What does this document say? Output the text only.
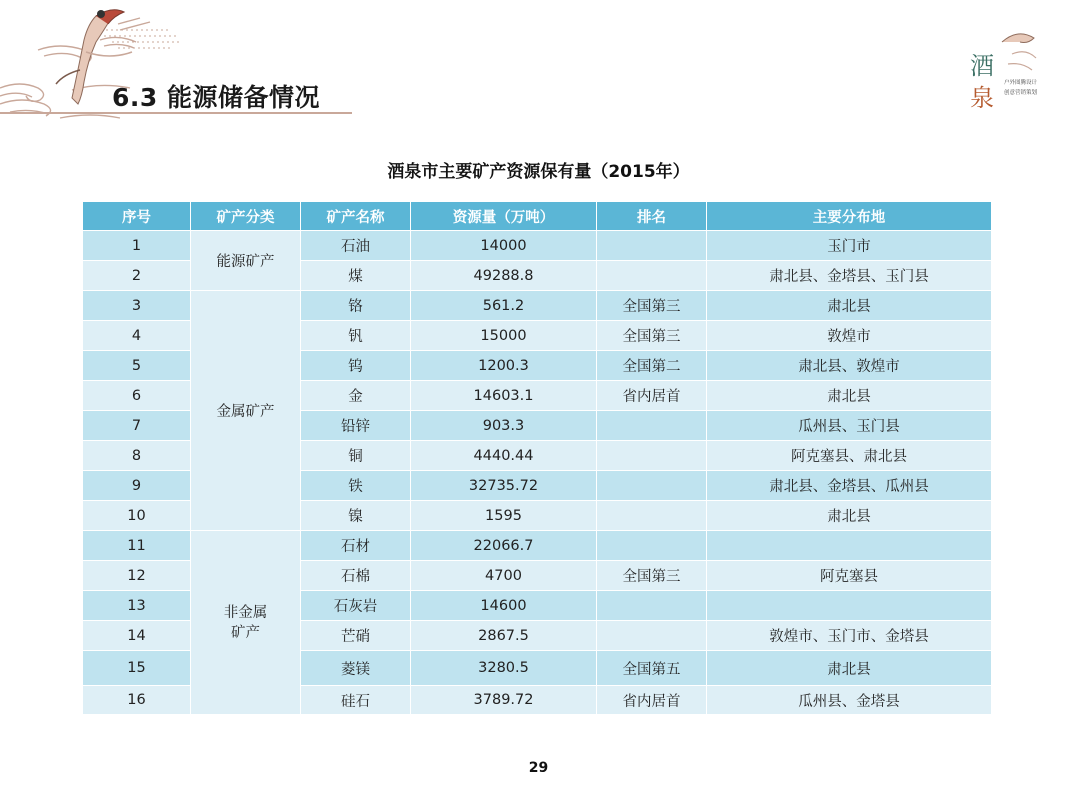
6.3 能源储备情况
酒
泉
户外图腾设计
创意营销策划
酒泉市主要矿产资源保有量（2015年）
序号	矿产分类	矿产名称	资源量（万吨）	排名	主要分布地
1	能源矿产	石油	14000		玉门市
2		煤	49288.8		肃北县、金塔县、玉门县
3	金属矿产	铬	561.2	全国第三	肃北县
4		钒	15000	全国第三	敦煌市
5		钨	1200.3	全国第二	肃北县、敦煌市
6		金	14603.1	省内居首	肃北县
7		铅锌	903.3		瓜州县、玉门县
8		铜	4440.44		阿克塞县、肃北县
9		铁	32735.72		肃北县、金塔县、瓜州县
10		镍	1595		肃北县
11	非金属矿产	石材	22066.7		
12		石棉	4700	全国第三	阿克塞县
13		石灰岩	14600		
14		芒硝	2867.5		敦煌市、玉门市、金塔县
15		菱镁	3280.5	全国第五	肃北县
16		硅石	3789.72	省内居首	瓜州县、金塔县
29
